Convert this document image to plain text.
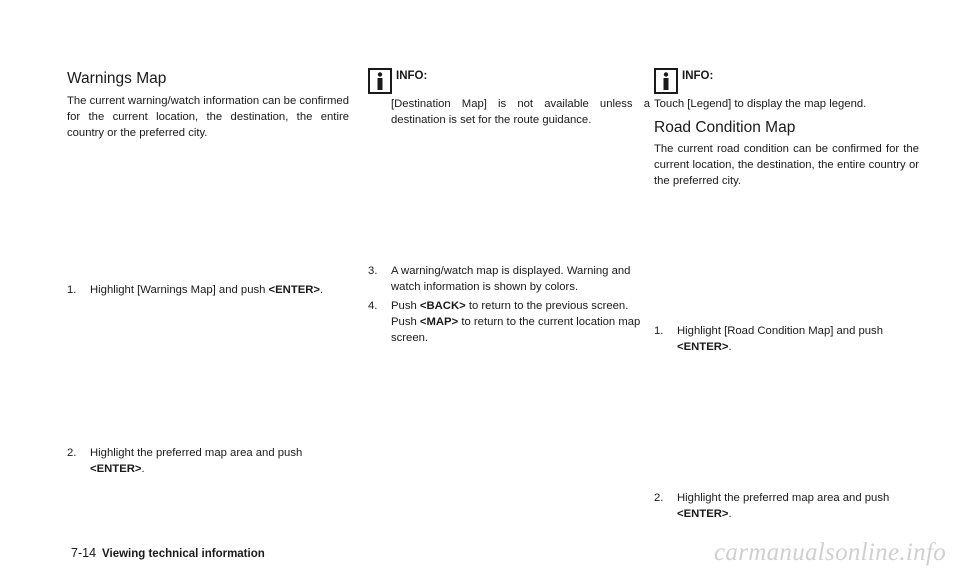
Warnings Map

The current warning/watch information can be confirmed for the current location, the destination, the entire country or the preferred city.

1. Highlight [Warnings Map] and push <ENTER>.

2. Highlight the preferred map area and push <ENTER>.

INFO:

[Destination Map] is not available unless a destination is set for the route guidance.

3. A warning/watch map is displayed. Warning and watch information is shown by colors.

4. Push <BACK> to return to the previous screen. Push <MAP> to return to the current location map screen.

INFO:

Touch [Legend] to display the map legend.

Road Condition Map

The current road condition can be confirmed for the current location, the destination, the entire country or the preferred city.

1. Highlight [Road Condition Map] and push <ENTER>.

2. Highlight the preferred map area and push <ENTER>.

7-14 Viewing technical information	carmanualsonline.info
